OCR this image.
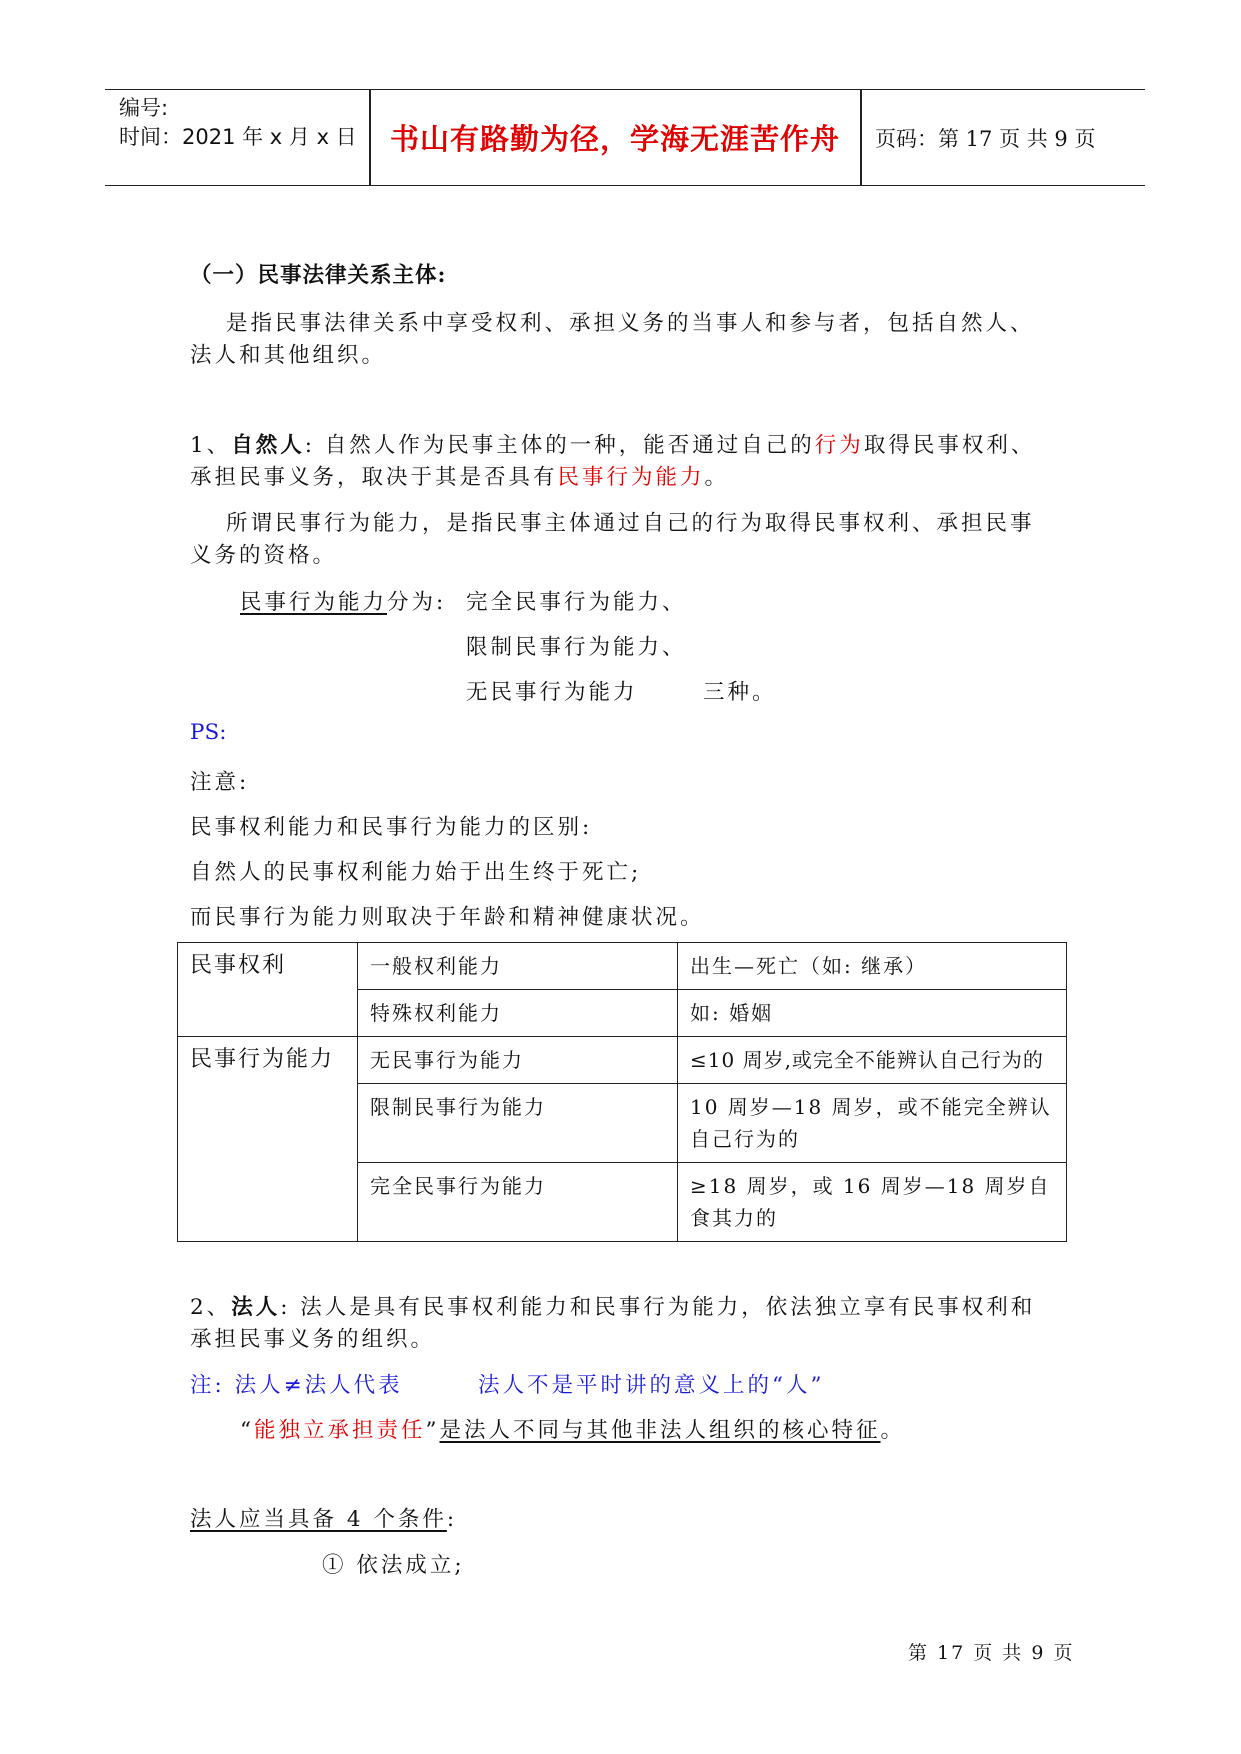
编号:
时间：2021 年 x 月 x 日	书山有路勤为径，学海无涯苦作舟	页码：第 17 页 共 9 页
（一）民事法律关系主体:
是指民事法律关系中享受权利、承担义务的当事人和参与者，包括自然人、
法人和其他组织。
1、自然人: 自然人作为民事主体的一种，能否通过自己的行为取得民事权利、
承担民事义务，取决于其是否具有民事行为能力。
所谓民事行为能力，是指民事主体通过自己的行为取得民事权利、承担民事
义务的资格。
民事行为能力分为: 完全民事行为能力、
限制民事行为能力、
无民事行为能力	三种。
PS:
注意:
民事权利能力和民事行为能力的区别:
自然人的民事权利能力始于出生终于死亡;
而民事行为能力则取决于年龄和精神健康状况。
民事权利	一般权利能力	出生—死亡（如: 继承）
	特殊权利能力	如: 婚姻
民事行为能力	无民事行为能力	≤10 周岁,或完全不能辨认自己行为的
	限制民事行为能力	10 周岁—18 周岁，或不能完全辨认自己行为的
	完全民事行为能力	≥18 周岁，或 16 周岁—18 周岁自食其力的
2、法人: 法人是具有民事权利能力和民事行为能力，依法独立享有民事权利和
承担民事义务的组织。
注: 法人≠法人代表	法人不是平时讲的意义上的“人”
“能独立承担责任”是法人不同与其他非法人组织的核心特征。
法人应当具备 4 个条件:
① 依法成立;
第 17 页 共 9 页
